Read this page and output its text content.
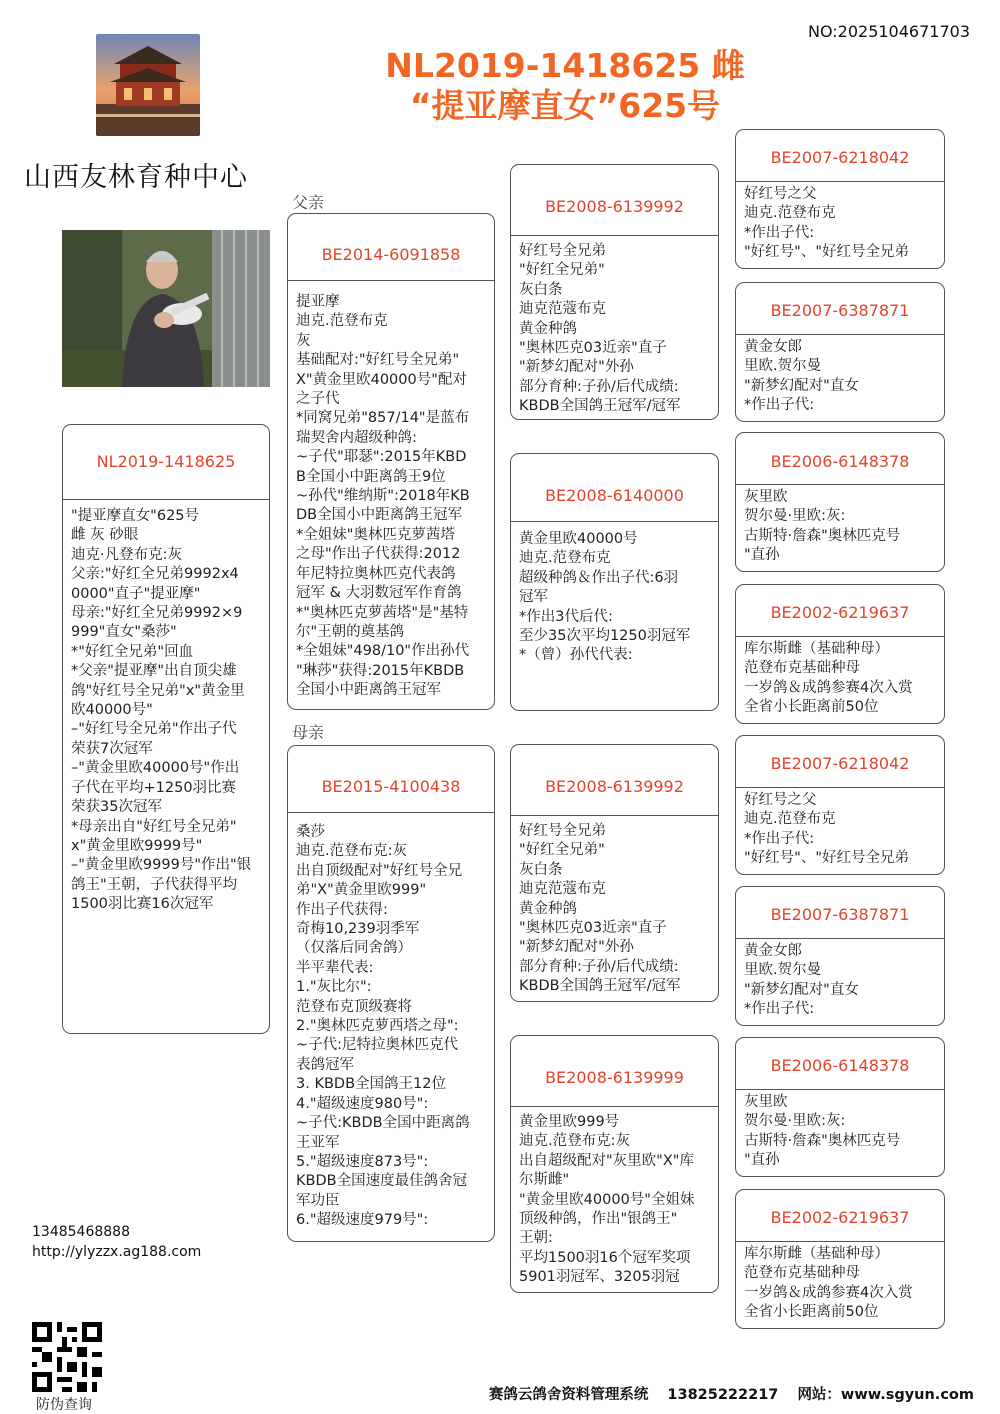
NO:2025104671703
NL2019-1418625 雌
“提亚摩直女”625号
山西友林育种中心
父亲
母亲
NL2019-1418625
"提亚摩直女"625号
雌 灰 砂眼
迪克·凡登布克:灰
父亲:"好红全兄弟9992x4
0000"直子"提亚摩"
母亲:"好红全兄弟9992×9
999"直女"桑莎"
*"好红全兄弟"回血
*父亲"提亚摩"出自顶尖雄
鸽"好红号全兄弟"x"黄金里
欧40000号"
–"好红号全兄弟"作出子代
荣获7次冠军
–"黄金里欧40000号"作出
子代在平均+1250羽比赛
荣获35次冠军
*母亲出自"好红号全兄弟"
x"黄金里欧9999号"
–"黄金里欧9999号"作出"银
鸽王"王朝，子代获得平均
1500羽比赛16次冠军
BE2014-6091858
提亚摩
迪克.范登布克
灰
基础配对:"好红号全兄弟"
X"黄金里欧40000号"配对
之子代
*同窝兄弟"857/14"是蓝布
瑞契舍内超级种鸽:
~子代"耶瑟":2015年KBD
B全国小中距离鸽王9位
~孙代"维纳斯":2018年KB
DB全国小中距离鸽王冠军
*全姐妹"奥林匹克萝茜塔
之母"作出子代获得:2012
年尼特拉奥林匹克代表鸽
冠军 & 大羽数冠军作育鸽
*"奥林匹克萝茜塔"是"基特
尔"王朝的奠基鸽
*全姐妹"498/10"作出孙代
"琳莎"获得:2015年KBDB
全国小中距离鸽王冠军
BE2015-4100438
桑莎
迪克.范登布克:灰
出自顶级配对"好红号全兄
弟"X"黄金里欧999"
作出子代获得:
奇梅10,239羽季军
（仅落后同舍鸽）
半平辈代表:
1."灰比尔":
范登布克顶级赛将
2."奥林匹克萝西塔之母":
~子代:尼特拉奥林匹克代
表鸽冠军
3. KBDB全国鸽王12位
4."超级速度980号":
~子代:KBDB全国中距离鸽
王亚军
5."超级速度873号":
KBDB全国速度最佳鸽舍冠
军功臣
6."超级速度979号":
BE2008-6139992
好红号全兄弟
"好红全兄弟"
灰白条
迪克范蔻布克
黄金种鸽
"奥林匹克03近亲"直子
"新梦幻配对"外孙
部分育种:子孙/后代成绩:
KBDB全国鸽王冠军/冠军
BE2008-6140000
黄金里欧40000号
迪克.范登布克
超级种鸽＆作出子代:6羽
冠军
*作出3代后代:
至少35次平均1250羽冠军
*（曾）孙代代表:
BE2008-6139992
好红号全兄弟
"好红全兄弟"
灰白条
迪克范蔻布克
黄金种鸽
"奥林匹克03近亲"直子
"新梦幻配对"外孙
部分育种:子孙/后代成绩:
KBDB全国鸽王冠军/冠军
BE2008-6139999
黄金里欧999号
迪克.范登布克:灰
出自超级配对"灰里欧"X"库
尔斯雌"
"黄金里欧40000号"全姐妹
顶级种鸽，作出"银鸽王"
王朝:
平均1500羽16个冠军奖项
5901羽冠军、3205羽冠
BE2007-6218042
好红号之父
迪克.范登布克
*作出子代:
"好红号"、"好红号全兄弟
BE2007-6387871
黄金女郎
里欧.贺尔曼
"新梦幻配对"直女
*作出子代:
BE2006-6148378
灰里欧
贺尔曼·里欧:灰:
古斯特·詹森"奥林匹克号
"直孙
BE2002-6219637
库尔斯雌（基础种母）
范登布克基础种母
一岁鸽＆成鸽参赛4次入赏
全省小长距离前50位
BE2007-6218042
好红号之父
迪克.范登布克
*作出子代:
"好红号"、"好红号全兄弟
BE2007-6387871
黄金女郎
里欧.贺尔曼
"新梦幻配对"直女
*作出子代:
BE2006-6148378
灰里欧
贺尔曼·里欧:灰:
古斯特·詹森"奥林匹克号
"直孙
BE2002-6219637
库尔斯雌（基础种母）
范登布克基础种母
一岁鸽＆成鸽参赛4次入赏
全省小长距离前50位
13485468888
http://ylyzzx.ag188.com
防伪查询
赛鸽云鸽舍资料管理系统 13825222217 网站：www.sgyun.com
